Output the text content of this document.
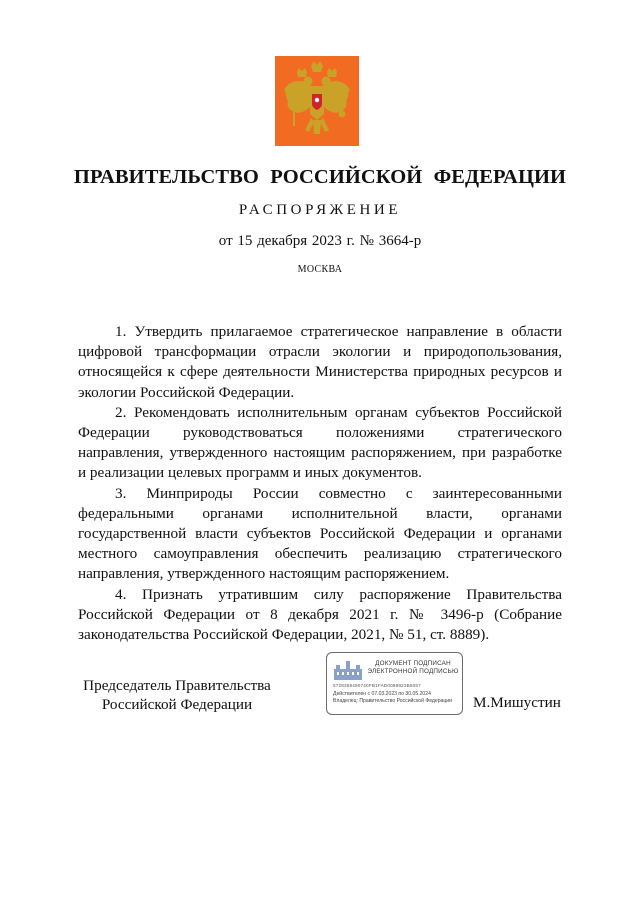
ПРАВИТЕЛЬСТВО РОССИЙСКОЙ ФЕДЕРАЦИИ
РАСПОРЯЖЕНИЕ
от 15 декабря 2023 г. № 3664-р
МОСКВА

1. Утвердить прилагаемое стратегическое направление в области цифровой трансформации отрасли экологии и природопользования, относящейся к сфере деятельности Министерства природных ресурсов и экологии Российской Федерации.

2. Рекомендовать исполнительным органам субъектов Российской Федерации руководствоваться положениями стратегического направления, утвержденного настоящим распоряжением, при разработке и реализации целевых программ и иных документов.

3. Минприроды России совместно с заинтересованными федеральными органами исполнительной власти, органами государственной власти субъектов Российской Федерации и органами местного самоуправления обеспечить реализацию стратегического направления, утвержденного настоящим распоряжением.

4. Признать утратившим силу распоряжение Правительства Российской Федерации от 8 декабря 2021 г. № 3496-р (Собрание законодательства Российской Федерации, 2021, № 51, ст. 8889).

Председатель Правительства
Российской Федерации	М.Мишустин
ДОКУМЕНТ ПОДПИСАН
ЭЛЕКТРОННОЙ ПОДПИСЬЮ
5728358490740FB1FAD0088923B5057
Действителен с 07.03.2023 по 30.05.2024
Владелец: Правительство Российской Федерации
